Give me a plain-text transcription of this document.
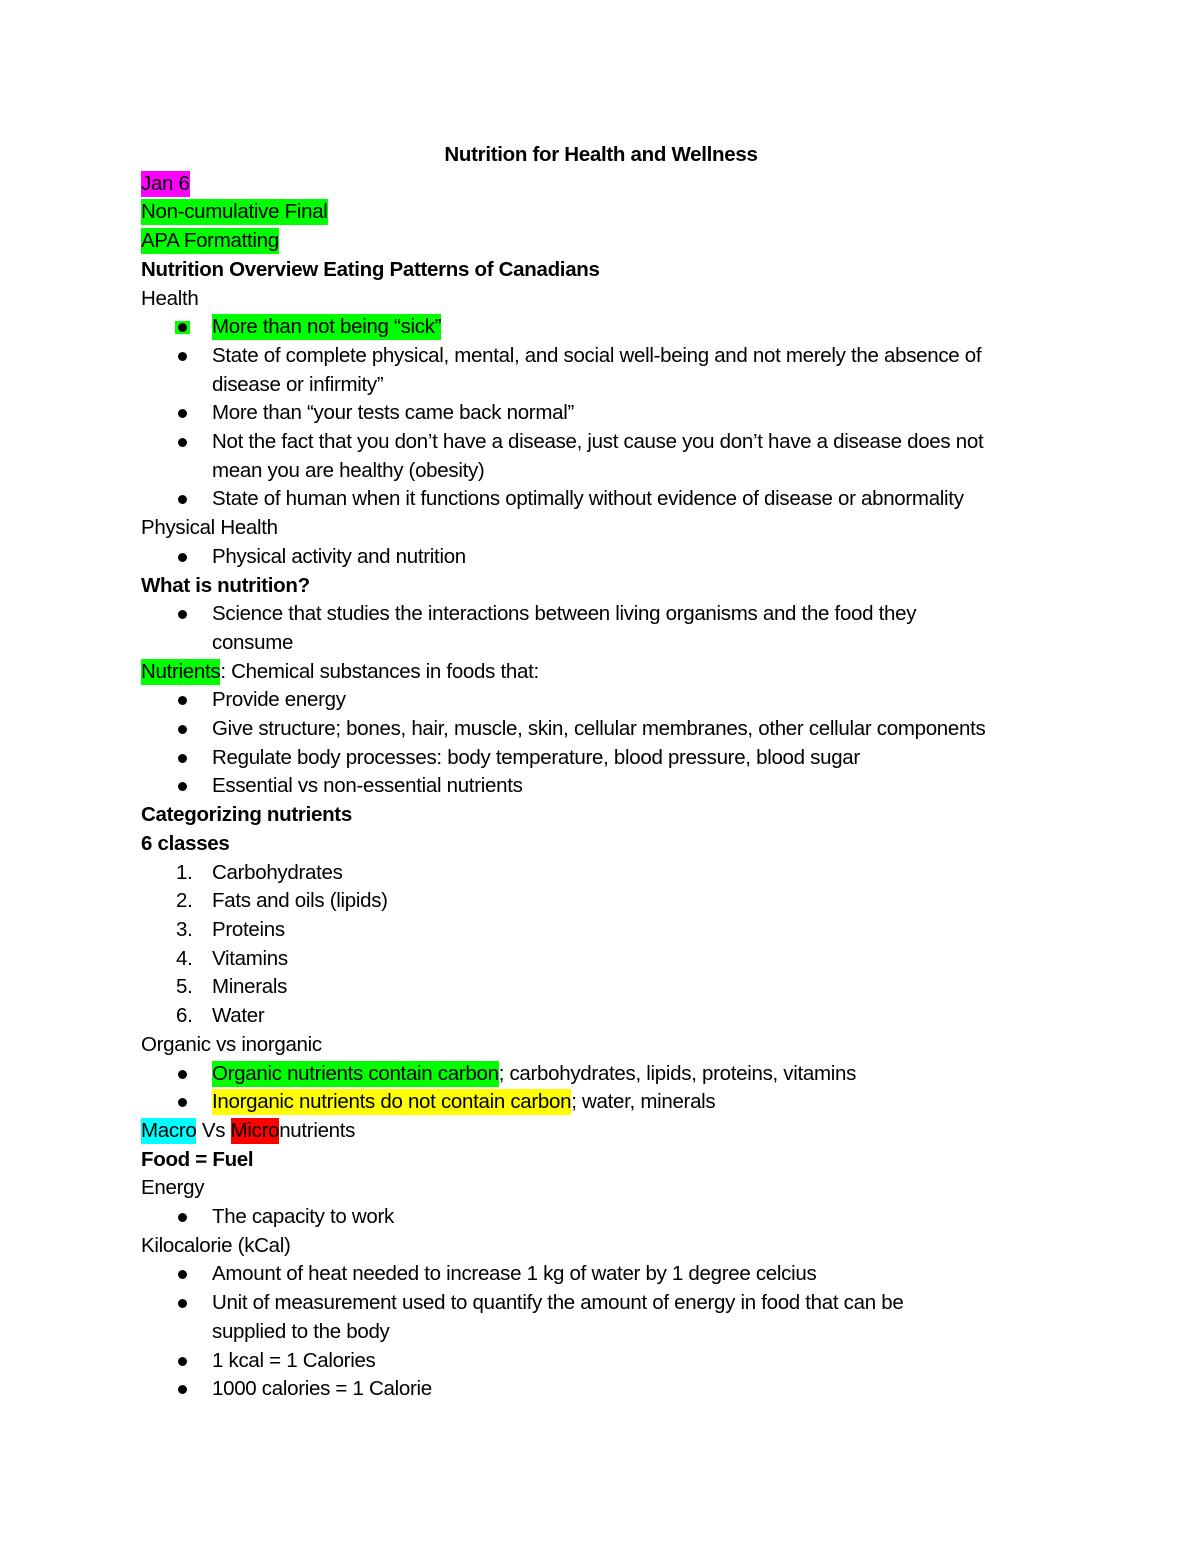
Nutrition for Health and Wellness
Jan 6
Non-cumulative Final
APA Formatting
Nutrition Overview Eating Patterns of Canadians
Health
More than not being “sick”
State of complete physical, mental, and social well-being and not merely the absence of
disease or infirmity”
More than “your tests came back normal”
Not the fact that you don’t have a disease, just cause you don’t have a disease does not
mean you are healthy (obesity)
State of human when it functions optimally without evidence of disease or abnormality
Physical Health
Physical activity and nutrition
What is nutrition?
Science that studies the interactions between living organisms and the food they
consume
Nutrients: Chemical substances in foods that:
Provide energy
Give structure; bones, hair, muscle, skin, cellular membranes, other cellular components
Regulate body processes: body temperature, blood pressure, blood sugar
Essential vs non-essential nutrients
Categorizing nutrients
6 classes
1. Carbohydrates
2. Fats and oils (lipids)
3. Proteins
4. Vitamins
5. Minerals
6. Water
Organic vs inorganic
Organic nutrients contain carbon; carbohydrates, lipids, proteins, vitamins
Inorganic nutrients do not contain carbon; water, minerals
Macro Vs Micronutrients
Food = Fuel
Energy
The capacity to work
Kilocalorie (kCal)
Amount of heat needed to increase 1 kg of water by 1 degree celcius
Unit of measurement used to quantify the amount of energy in food that can be
supplied to the body
1 kcal = 1 Calories
1000 calories = 1 Calorie
